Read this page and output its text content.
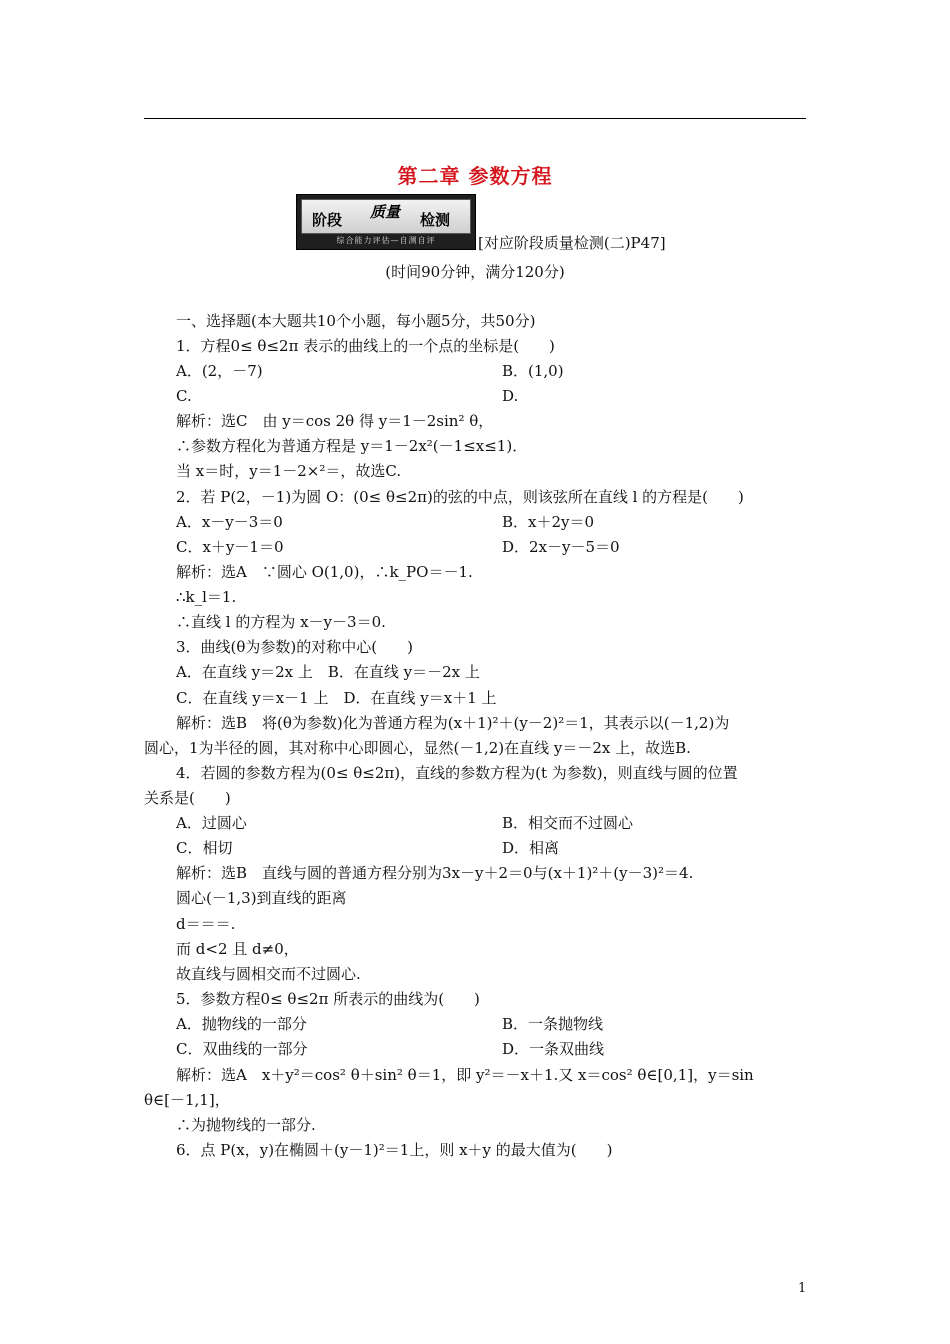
第二章 参数方程
阶段 质量 检测
综合能力评估—自测自评	[对应阶段质量检测(二)P47]
(时间90分钟，满分120分)
一、选择题(本大题共10个小题，每小题5分，共50分)
1．方程0≤ θ≤2π 表示的曲线上的一个点的坐标是(　　)
A．(2，－7)	B．(1,0)
C.	D.
解析：选C　由 y＝cos 2θ 得 y＝1－2sin² θ，
∴参数方程化为普通方程是 y＝1－2x²(－1≤x≤1)．
当 x＝时，y＝1－2×²＝，故选C.
2．若 P(2，－1)为圆 O：(0≤ θ≤2π)的弦的中点，则该弦所在直线 l 的方程是(　　)
A．x－y－3＝0	B．x＋2y＝0
C．x＋y－1＝0	D．2x－y－5＝0
解析：选A　∵圆心 O(1,0)，∴k_PO＝－1.
∴k_l＝1.
∴直线 l 的方程为 x－y－3＝0.
3．曲线(θ为参数)的对称中心(　　)
A．在直线 y＝2x 上　B．在直线 y＝－2x 上
C．在直线 y＝x－1 上　D．在直线 y＝x＋1 上
解析：选B　将(θ为参数)化为普通方程为(x＋1)²＋(y－2)²＝1，其表示以(－1,2)为
圆心，1为半径的圆，其对称中心即圆心，显然(－1,2)在直线 y＝－2x 上，故选B.
4．若圆的参数方程为(0≤ θ≤2π)，直线的参数方程为(t 为参数)，则直线与圆的位置
关系是(　　)
A．过圆心	B．相交而不过圆心
C．相切	D．相离
解析：选B　直线与圆的普通方程分别为3x－y＋2＝0与(x＋1)²＋(y－3)²＝4.
圆心(－1,3)到直线的距离
d＝＝＝.
而 d<2 且 d≠0，
故直线与圆相交而不过圆心.
5．参数方程0≤ θ≤2π 所表示的曲线为(　　)
A．抛物线的一部分	B．一条抛物线
C．双曲线的一部分	D．一条双曲线
解析：选A　x＋y²＝cos² θ＋sin² θ＝1，即 y²＝－x＋1.又 x＝cos² θ∈[0,1]，y＝sin
θ∈[－1,1]，
∴为抛物线的一部分.
6．点 P(x，y)在椭圆＋(y－1)²＝1上，则 x＋y 的最大值为(　　)
1
